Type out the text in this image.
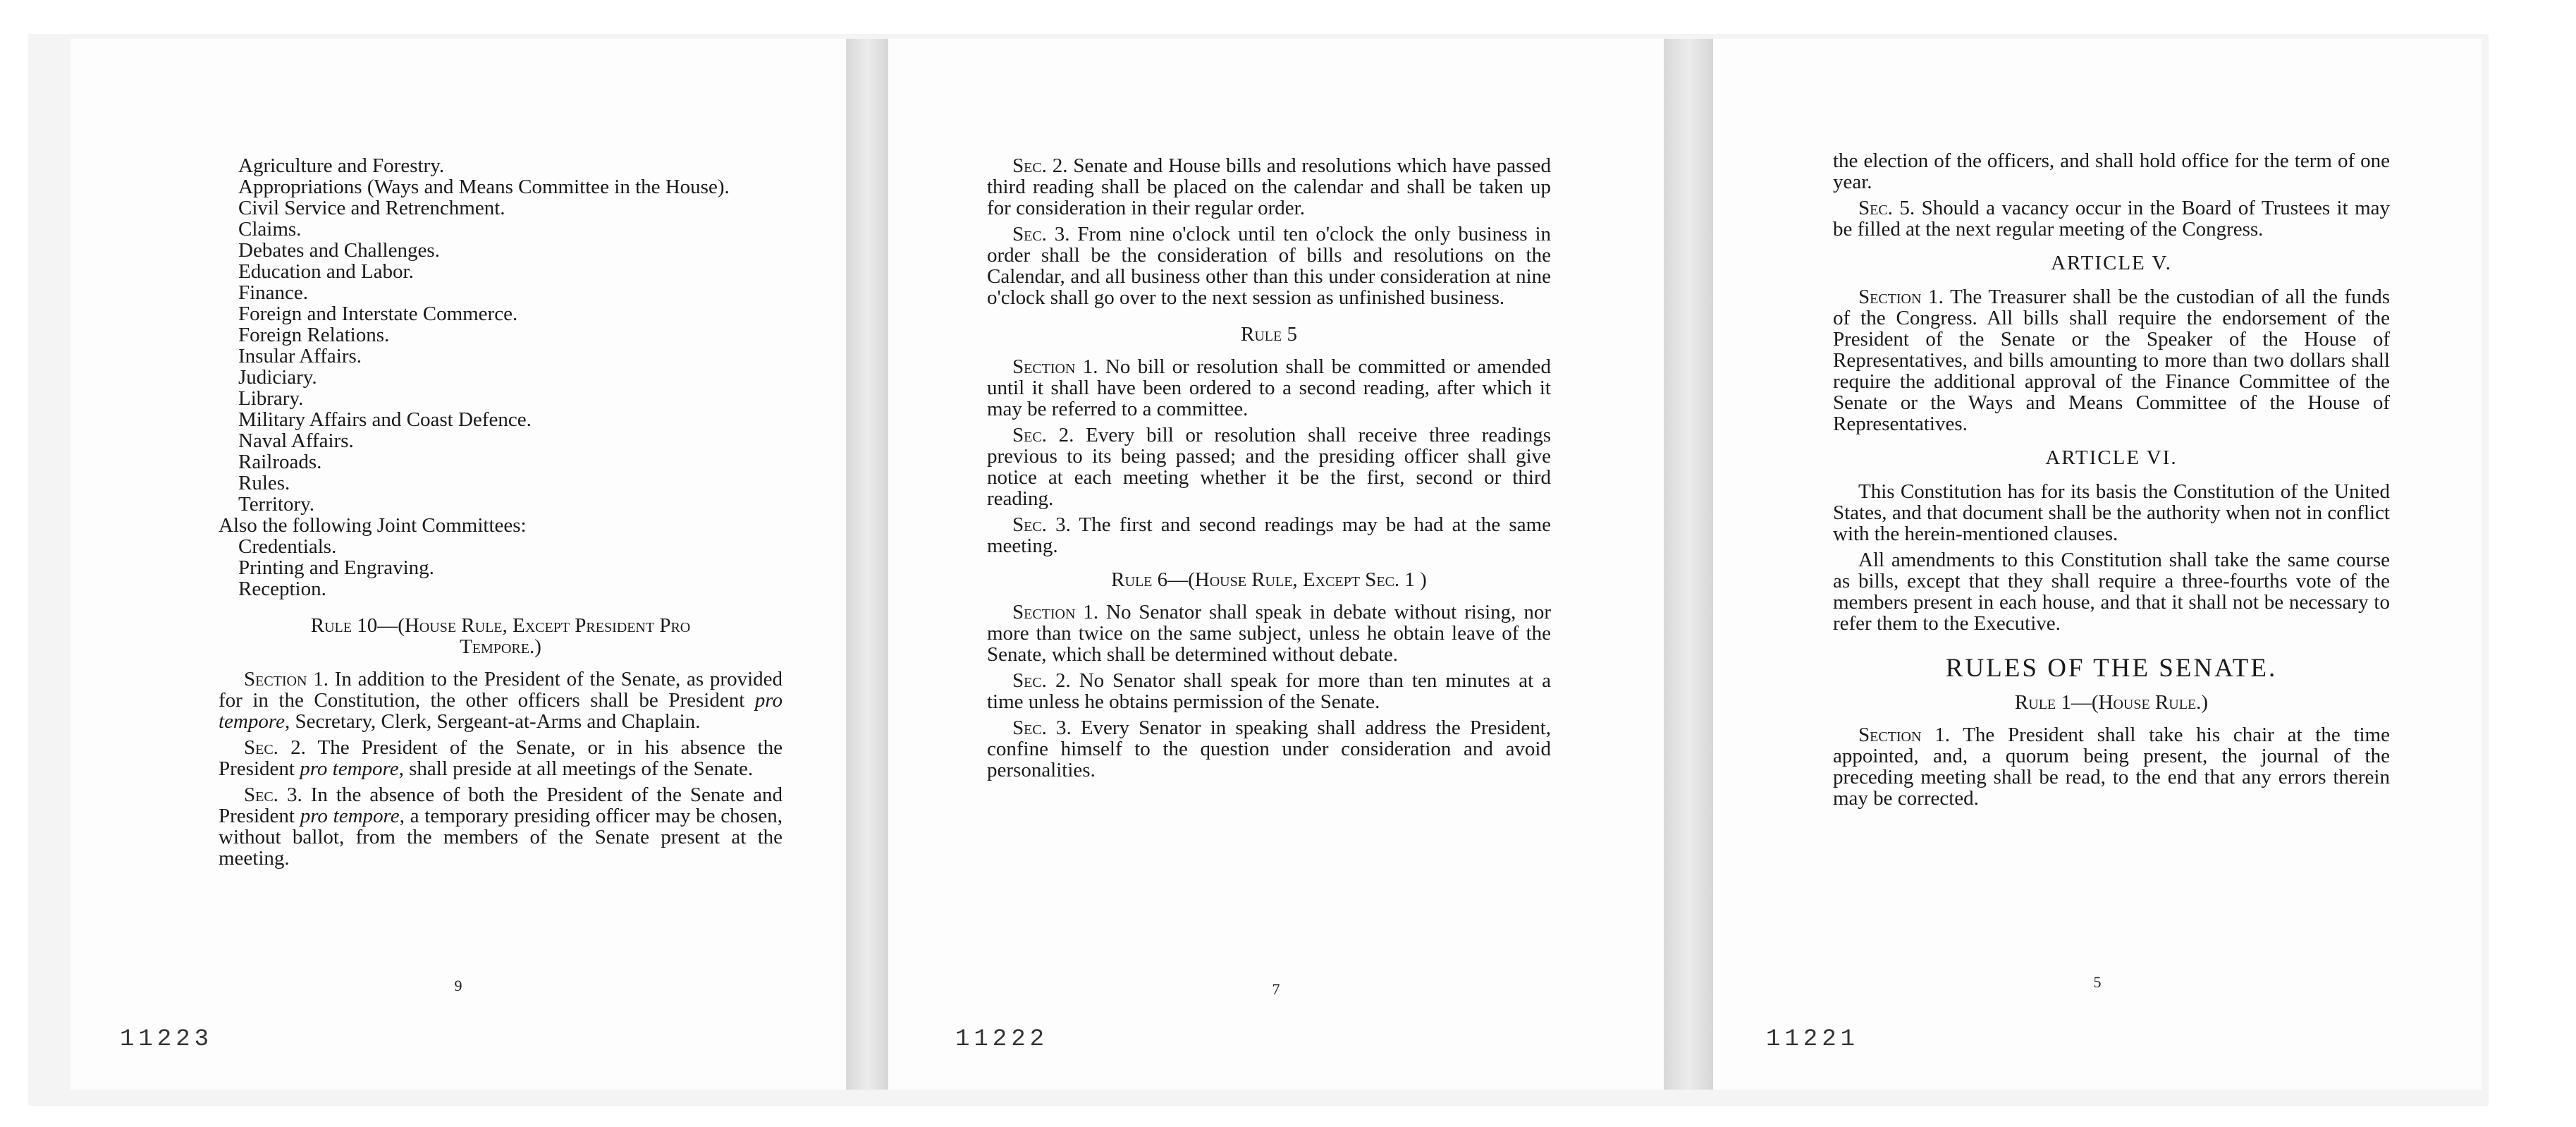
Agriculture and Forestry.

Appropriations (Ways and Means Committee in the House).

Civil Service and Retrenchment.

Claims.

Debates and Challenges.

Education and Labor.

Finance.

Foreign and Interstate Commerce.

Foreign Relations.

Insular Affairs.

Judiciary.

Library.

Military Affairs and Coast Defence.

Naval Affairs.

Railroads.

Rules.

Territory.

Also the following Joint Committees:

Credentials.

Printing and Engraving.

Reception.

Rule 10—(House Rule, Except President Pro Tempore.)

Section 1. In addition to the President of the Senate, as provided for in the Constitution, the other officers shall be President pro tempore, Secretary, Clerk, Sergeant-at-Arms and Chaplain.

Sec. 2. The President of the Senate, or in his absence the President pro tempore, shall preside at all meetings of the Senate.

Sec. 3. In the absence of both the President of the Senate and President pro tempore, a temporary presiding officer may be chosen, without ballot, from the members of the Senate present at the meeting.

9
11223

Sec. 2. Senate and House bills and resolutions which have passed third reading shall be placed on the calendar and shall be taken up for consideration in their regular order.

Sec. 3. From nine o'clock until ten o'clock the only business in order shall be the consideration of bills and resolutions on the Calendar, and all business other than this under consideration at nine o'clock shall go over to the next session as unfinished business.

Rule 5

Section 1. No bill or resolution shall be committed or amended until it shall have been ordered to a second reading, after which it may be referred to a committee.

Sec. 2. Every bill or resolution shall receive three readings previous to its being passed; and the presiding officer shall give notice at each meeting whether it be the first, second or third reading.

Sec. 3. The first and second readings may be had at the same meeting.

Rule 6—(House Rule, Except Sec. 1 )

Section 1. No Senator shall speak in debate without rising, nor more than twice on the same subject, unless he obtain leave of the Senate, which shall be determined without debate.

Sec. 2. No Senator shall speak for more than ten minutes at a time unless he obtains permission of the Senate.

Sec. 3. Every Senator in speaking shall address the President, confine himself to the question under consideration and avoid personalities.

7
11222

the election of the officers, and shall hold office for the term of one year.

Sec. 5. Should a vacancy occur in the Board of Trustees it may be filled at the next regular meeting of the Congress.

ARTICLE V.

Section 1. The Treasurer shall be the custodian of all the funds of the Congress. All bills shall require the endorsement of the President of the Senate or the Speaker of the House of Representatives, and bills amounting to more than two dollars shall require the additional approval of the Finance Committee of the Senate or the Ways and Means Committee of the House of Representatives.

ARTICLE VI.

This Constitution has for its basis the Constitution of the United States, and that document shall be the authority when not in conflict with the herein-mentioned clauses.

All amendments to this Constitution shall take the same course as bills, except that they shall require a three-fourths vote of the members present in each house, and that it shall not be necessary to refer them to the Executive.

RULES OF THE SENATE.
Rule 1—(House Rule.)

Section 1. The President shall take his chair at the time appointed, and, a quorum being present, the journal of the preceding meeting shall be read, to the end that any errors therein may be corrected.

5
11221
